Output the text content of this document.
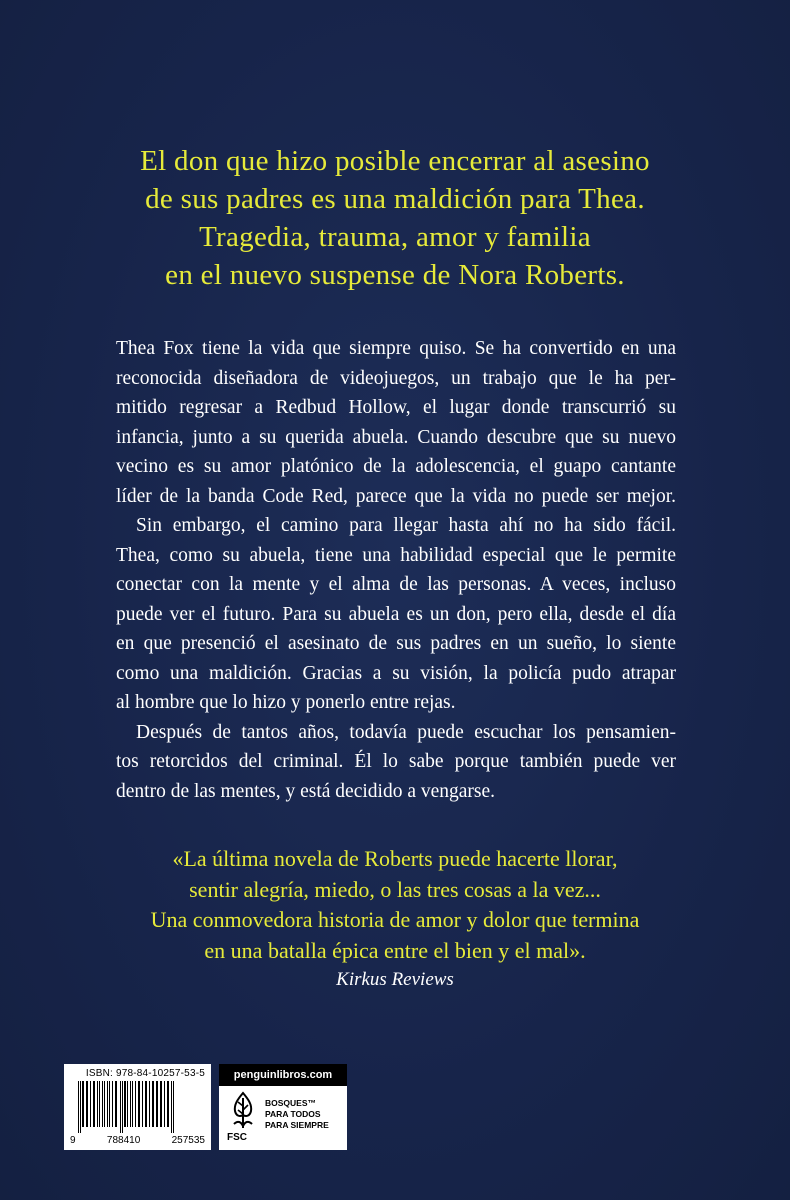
El don que hizo posible encerrar al asesino
de sus padres es una maldición para Thea.
Tragedia, trauma, amor y familia
en el nuevo suspense de Nora Roberts.
Thea Fox tiene la vida que siempre quiso. Se ha convertido en una
reconocida diseñadora de videojuegos, un trabajo que le ha per-
mitido regresar a Redbud Hollow, el lugar donde transcurrió su
infancia, junto a su querida abuela. Cuando descubre que su nuevo
vecino es su amor platónico de la adolescencia, el guapo cantante
líder de la banda Code Red, parece que la vida no puede ser mejor.
Sin embargo, el camino para llegar hasta ahí no ha sido fácil.
Thea, como su abuela, tiene una habilidad especial que le permite
conectar con la mente y el alma de las personas. A veces, incluso
puede ver el futuro. Para su abuela es un don, pero ella, desde el día
en que presenció el asesinato de sus padres en un sueño, lo siente
como una maldición. Gracias a su visión, la policía pudo atrapar
al hombre que lo hizo y ponerlo entre rejas.
Después de tantos años, todavía puede escuchar los pensamien-
tos retorcidos del criminal. Él lo sabe porque también puede ver
dentro de las mentes, y está decidido a vengarse.
«La última novela de Roberts puede hacerte llorar,
sentir alegría, miedo, o las tres cosas a la vez...
Una conmovedora historia de amor y dolor que termina
en una batalla épica entre el bien y el mal».
Kirkus Reviews
ISBN: 978-84-10257-53-5
9	788410	257535
penguinlibros.com
FSC
BOSQUES™
PARA TODOS
PARA SIEMPRE
